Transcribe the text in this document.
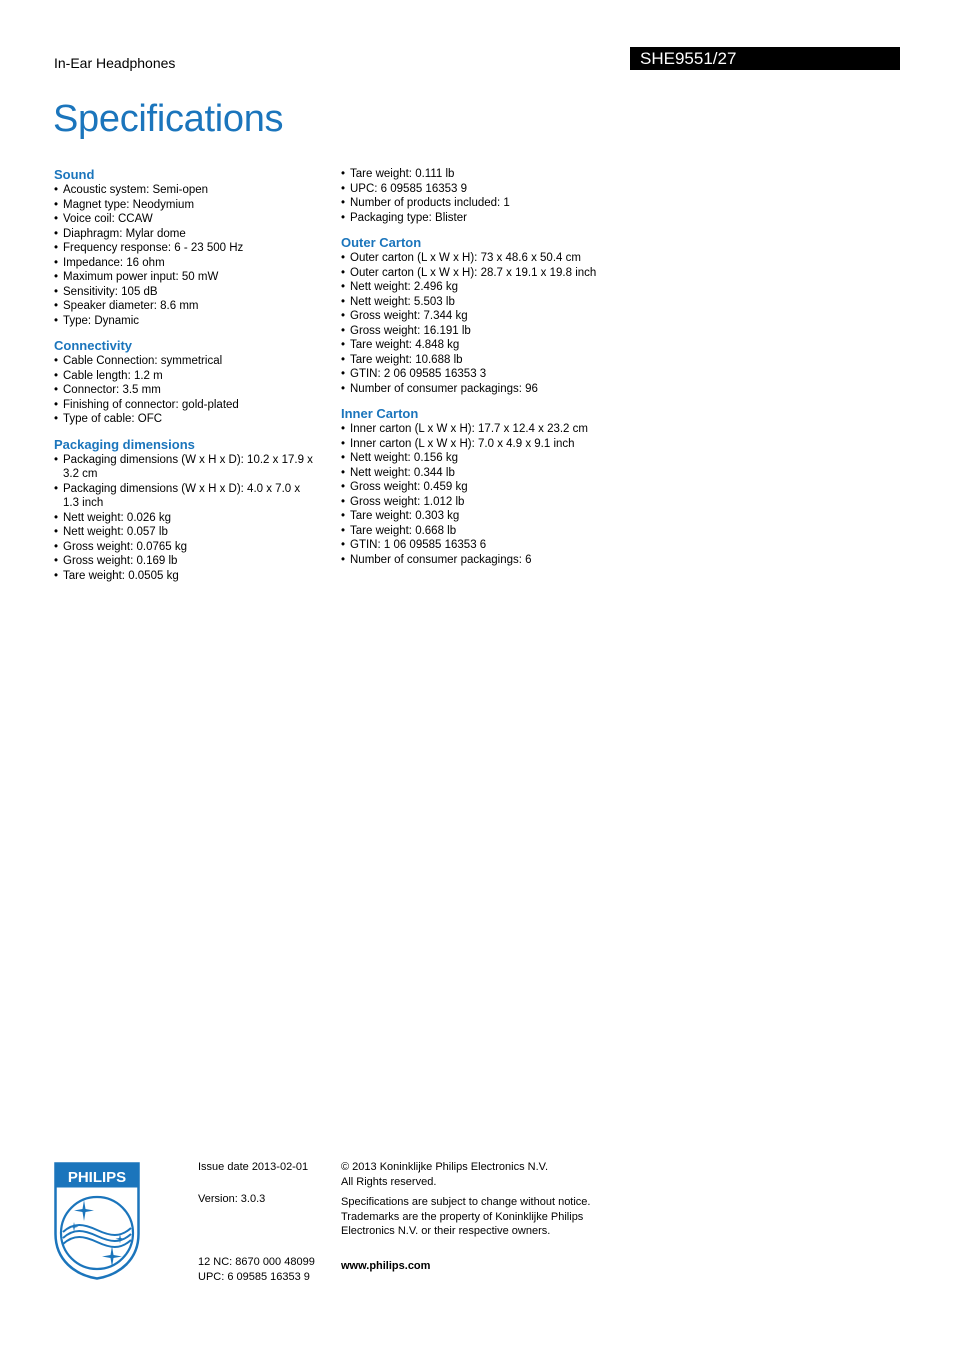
In-Ear Headphones	SHE9551/27
Specifications
Sound
• Acoustic system: Semi-open
• Magnet type: Neodymium
• Voice coil: CCAW
• Diaphragm: Mylar dome
• Frequency response: 6 - 23 500 Hz
• Impedance: 16 ohm
• Maximum power input: 50 mW
• Sensitivity: 105 dB
• Speaker diameter: 8.6 mm
• Type: Dynamic
Connectivity
• Cable Connection: symmetrical
• Cable length: 1.2 m
• Connector: 3.5 mm
• Finishing of connector: gold-plated
• Type of cable: OFC
Packaging dimensions
• Packaging dimensions (W x H x D): 10.2 x 17.9 x 3.2 cm
• Packaging dimensions (W x H x D): 4.0 x 7.0 x 1.3 inch
• Nett weight: 0.026 kg
• Nett weight: 0.057 lb
• Gross weight: 0.0765 kg
• Gross weight: 0.169 lb
• Tare weight: 0.0505 kg
• Tare weight: 0.111 lb
• UPC: 6 09585 16353 9
• Number of products included: 1
• Packaging type: Blister
Outer Carton
• Outer carton (L x W x H): 73 x 48.6 x 50.4 cm
• Outer carton (L x W x H): 28.7 x 19.1 x 19.8 inch
• Nett weight: 2.496 kg
• Nett weight: 5.503 lb
• Gross weight: 7.344 kg
• Gross weight: 16.191 lb
• Tare weight: 4.848 kg
• Tare weight: 10.688 lb
• GTIN: 2 06 09585 16353 3
• Number of consumer packagings: 96
Inner Carton
• Inner carton (L x W x H): 17.7 x 12.4 x 23.2 cm
• Inner carton (L x W x H): 7.0 x 4.9 x 9.1 inch
• Nett weight: 0.156 kg
• Nett weight: 0.344 lb
• Gross weight: 0.459 kg
• Gross weight: 1.012 lb
• Tare weight: 0.303 kg
• Tare weight: 0.668 lb
• GTIN: 1 06 09585 16353 6
• Number of consumer packagings: 6
PHILIPS
Issue date 2013-02-01
Version: 3.0.3
12 NC: 8670 000 48099
UPC: 6 09585 16353 9
© 2013 Koninklijke Philips Electronics N.V.
All Rights reserved.
Specifications are subject to change without notice.
Trademarks are the property of Koninklijke Philips
Electronics N.V. or their respective owners.
www.philips.com
